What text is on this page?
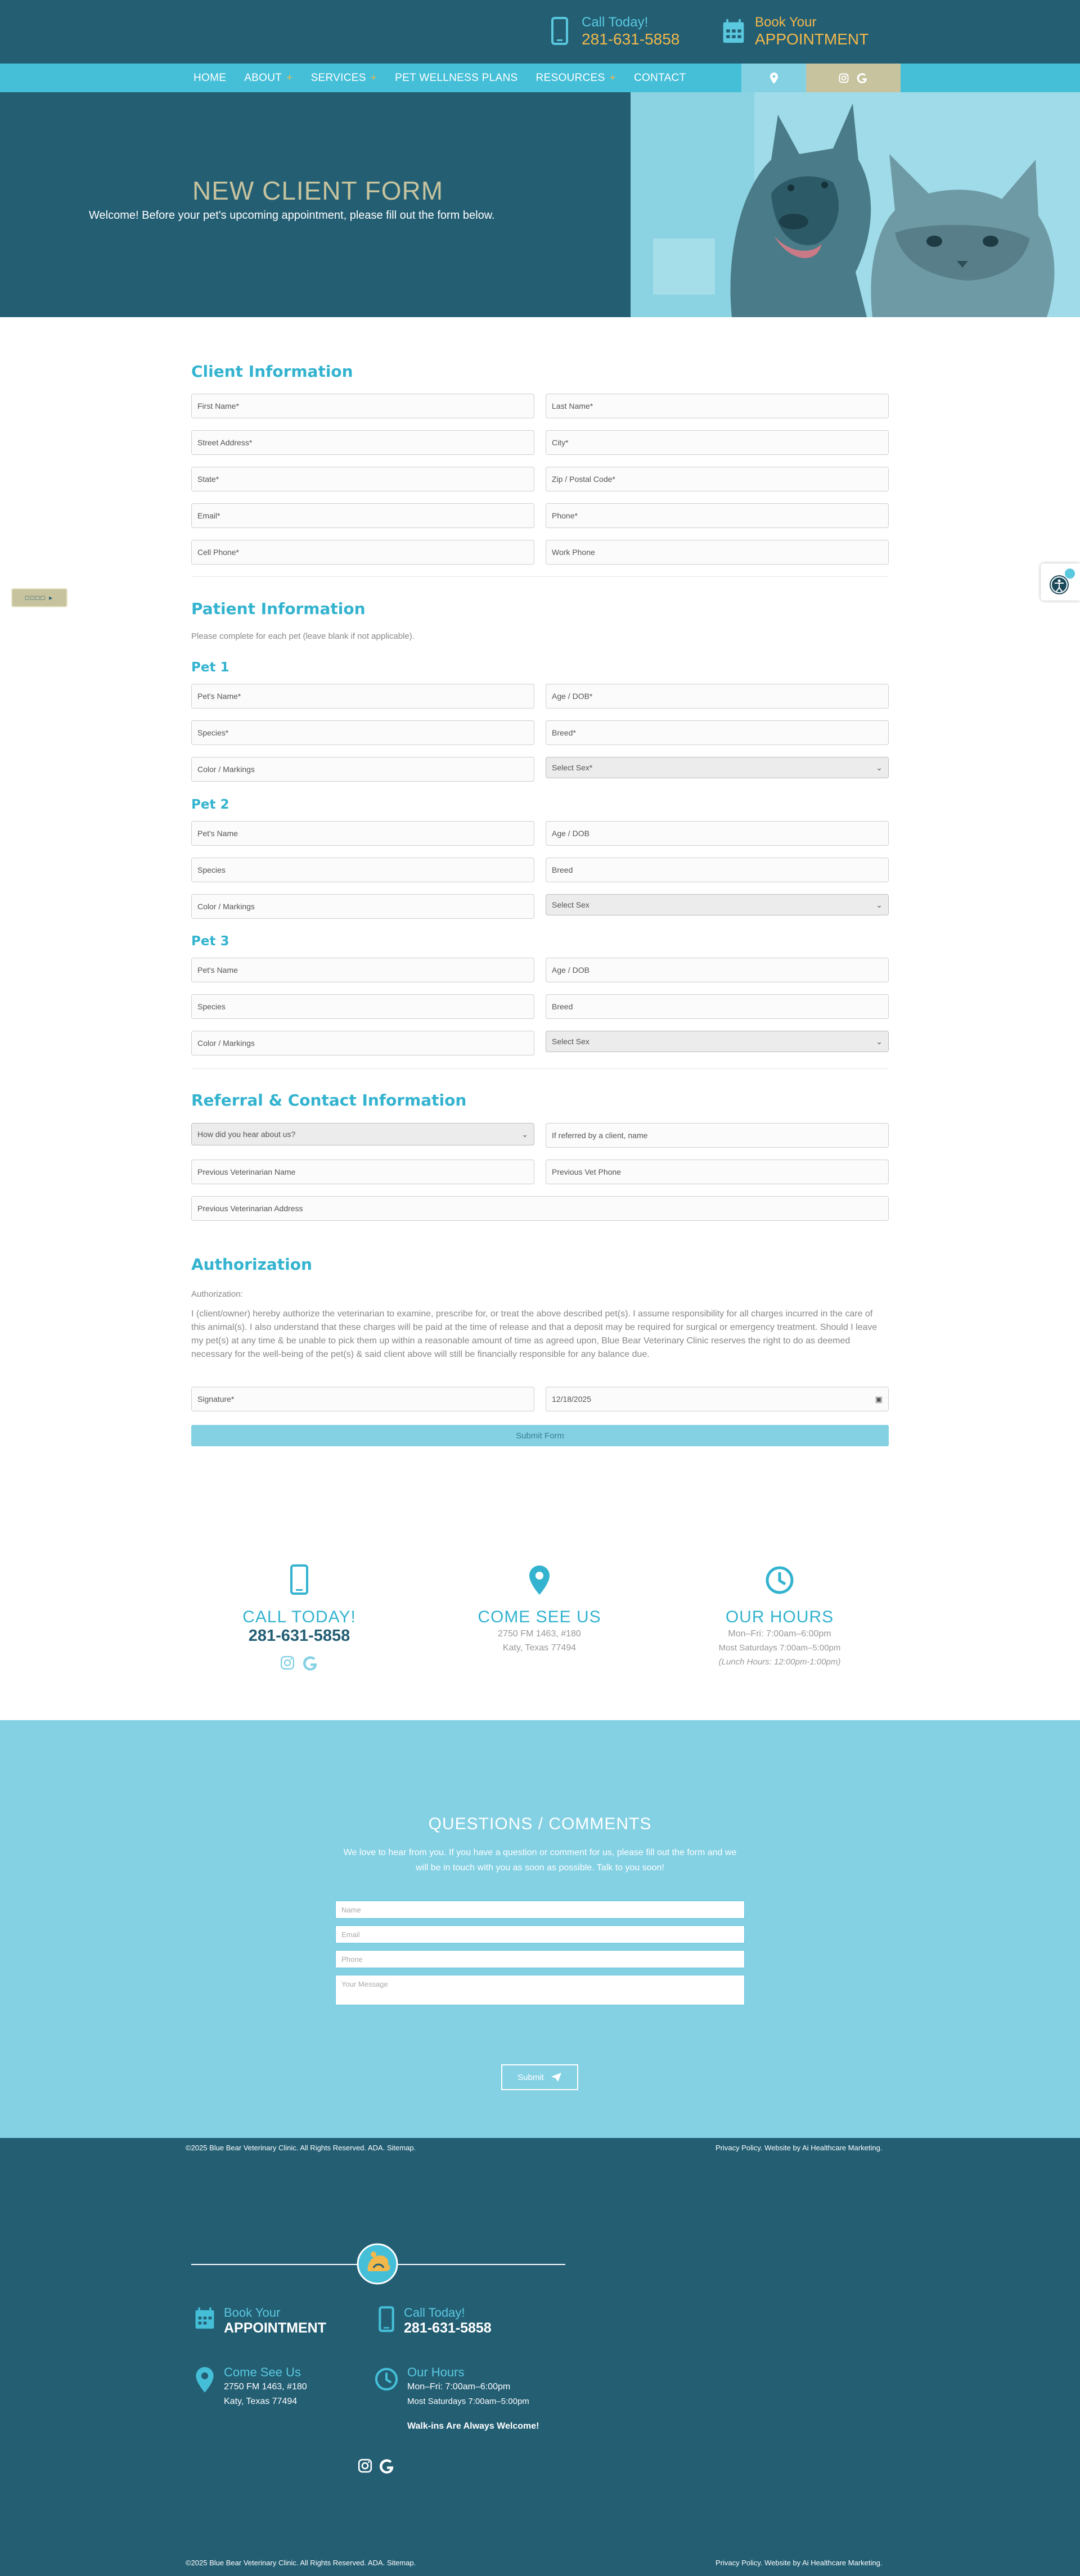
Call Today!
281-631-5858
Book Your
APPOINTMENT
HOME ABOUT + SERVICES + PET WELLNESS PLANS RESOURCES + CONTACT
NEW CLIENT FORM
Welcome! Before your pet's upcoming appointment, please fill out the form below.
Client Information
First Name*	Last Name*
Street Address*	City*
State*	Zip / Postal Code*
Email*	Phone*
Cell Phone*	Work Phone
Patient Information
Please complete for each pet (leave blank if not applicable).
Pet 1
Pet's Name*	Age / DOB*
Species*	Breed*
Color / Markings	Select Sex*	⌄
Pet 2
Pet's Name	Age / DOB
Species	Breed
Color / Markings	Select Sex	⌄
Pet 3
Pet's Name	Age / DOB
Species	Breed
Color / Markings	Select Sex	⌄
Referral & Contact Information
How did you hear about us?	⌄	If referred by a client, name
Previous Veterinarian Name	Previous Vet Phone
Previous Veterinarian Address
Authorization
Authorization:
I (client/owner) hereby authorize the veterinarian to examine, prescribe for, or treat the above described pet(s). I assume responsibility for all charges incurred in the care of this animal(s). I also understand that these charges will be paid at the time of release and that a deposit may be required for surgical or emergency treatment. Should I leave my pet(s) at any time & be unable to pick them up within a reasonable amount of time as agreed upon, Blue Bear Veterinary Clinic reserves the right to do as deemed necessary for the well-being of the pet(s) & said client above will still be financially responsible for any balance due.
Signature*	12/18/2025	▣
Submit Form
CALL TODAY!
281-631-5858
COME SEE US
2750 FM 1463, #180
Katy, Texas 77494
OUR HOURS
Mon–Fri: 7:00am–6:00pm
Most Saturdays 7:00am–5:00pm
(Lunch Hours: 12:00pm-1:00pm)
QUESTIONS / COMMENTS
We love to hear from you. If you have a question or comment for us, please fill out the form and we will be in touch with you as soon as possible. Talk to you soon!
Name
Email
Phone
Your Message
Submit
©2025 Blue Bear Veterinary Clinic. All Rights Reserved. ADA. Sitemap.	Privacy Policy. Website by Ai Healthcare Marketing.
Book Your
APPOINTMENT
Call Today!
281-631-5858
Come See Us
2750 FM 1463, #180
Katy, Texas 77494
Our Hours
Mon–Fri: 7:00am–6:00pm
Most Saturdays 7:00am–5:00pm
Walk-ins Are Always Welcome!
©2025 Blue Bear Veterinary Clinic. All Rights Reserved. ADA. Sitemap.	Privacy Policy. Website by Ai Healthcare Marketing.
□□□□ ▸
